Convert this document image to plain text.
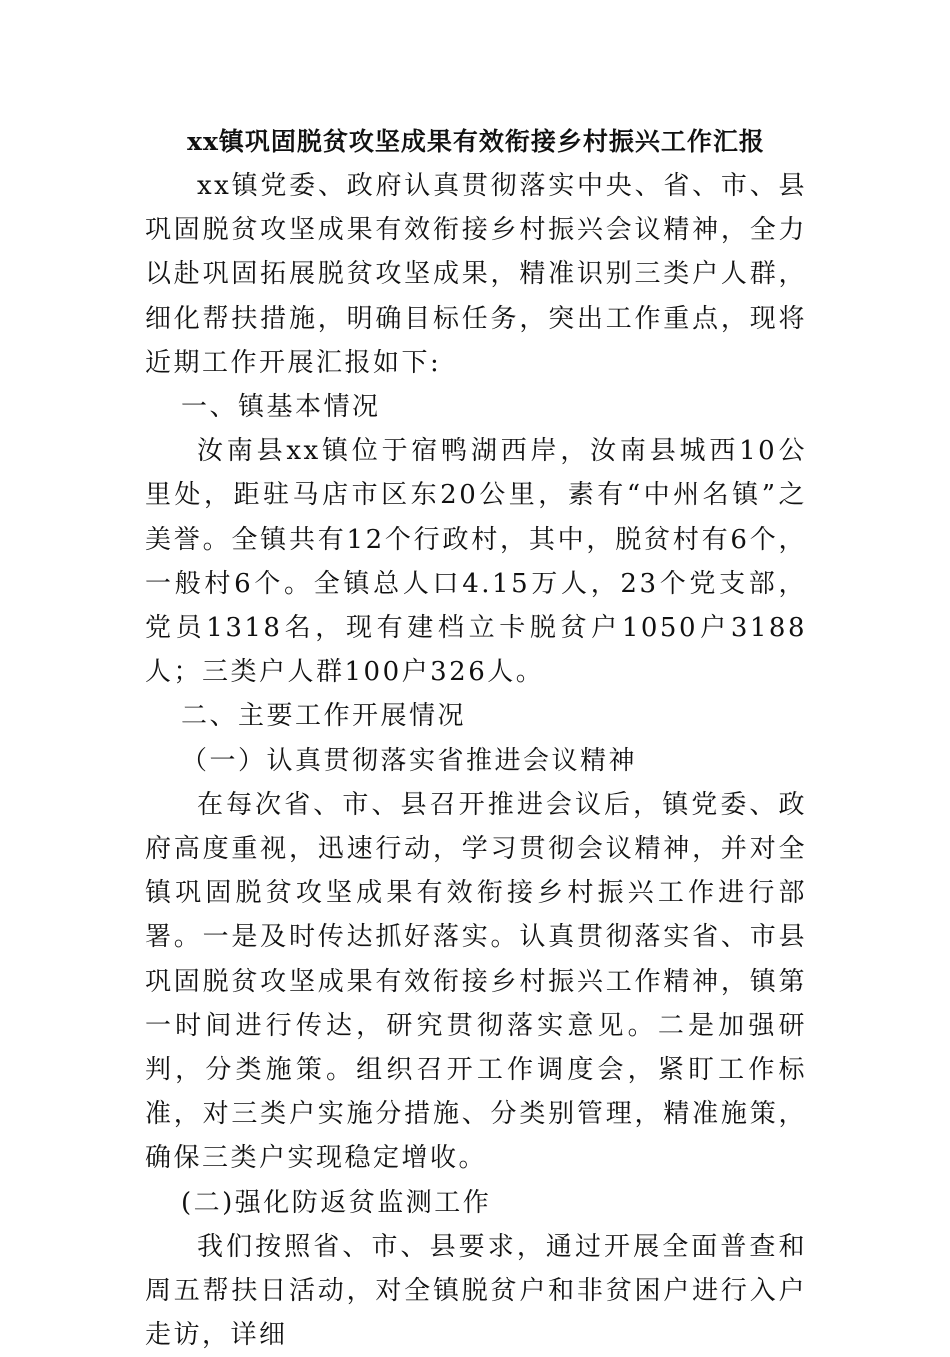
xx镇巩固脱贫攻坚成果有效衔接乡村振兴工作汇报

xx镇党委、政府认真贯彻落实中央、省、市、县巩固脱贫攻坚成果有效衔接乡村振兴会议精神，全力以赴巩固拓展脱贫攻坚成果，精准识别三类户人群，细化帮扶措施，明确目标任务，突出工作重点，现将近期工作开展汇报如下:

一、镇基本情况

汝南县xx镇位于宿鸭湖西岸，汝南县城西10公里处，距驻马店市区东20公里，素有“中州名镇”之美誉。全镇共有12个行政村，其中，脱贫村有6个，一般村6个。全镇总人口4.15万人，23个党支部，党员1318名，现有建档立卡脱贫户1050户3188人；三类户人群100户326人。

二、主要工作开展情况

（一）认真贯彻落实省推进会议精神

在每次省、市、县召开推进会议后，镇党委、政府高度重视，迅速行动，学习贯彻会议精神，并对全镇巩固脱贫攻坚成果有效衔接乡村振兴工作进行部署。一是及时传达抓好落实。认真贯彻落实省、市县巩固脱贫攻坚成果有效衔接乡村振兴工作精神，镇第一时间进行传达，研究贯彻落实意见。二是加强研判，分类施策。组织召开工作调度会，紧盯工作标准，对三类户实施分措施、分类别管理，精准施策，确保三类户实现稳定增收。

(二)强化防返贫监测工作

我们按照省、市、县要求，通过开展全面普查和周五帮扶日活动，对全镇脱贫户和非贫困户进行入户走访，详细
